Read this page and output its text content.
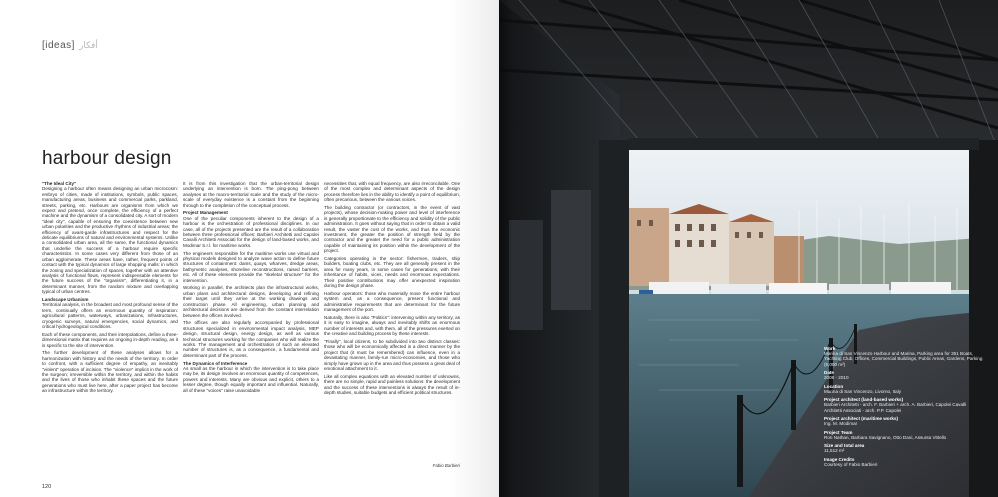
[ideas] أفكار
harbour design
"The Ideal City"

Designing a harbour often means designing an urban microcosm: embryo of cities, made of institutions, symbols, public spaces, manufacturing areas, business and commercial parks, parkland, streets, parking, etc. Harbours are organisms from which we expect and pretend, once complete, the efficiency of a perfect machine and the dynamism of a consolidated city. A sort of modern "ideal city", capable of ensuring the coexistence between new urban polarities and the productive rhythms of industrial areas; the efficiency of avant-garde infrastructures and respect for the delicate equilibriums of natural and environmental systems. Unlike a consolidated urban area, all the same, the functional dynamics that underlie the success of a harbour require specific characteristics. In some cases very different from those of an urban agglomerate. These areas have, rather, frequent points of contact with the typical dynamics of large shopping malls: in which the zoning and specialization of spaces, together with an attentive analysis of functional flows, represent indispensable elements for the future success of the "organism", differentiating it, in a determinant manner, from the random mixture and overlapping typical of urban centres.

Landscape Urbanism

Territorial analysis, in the broadest and most profound sense of the term, continually offers an enormous quantity of inspiration: agricultural patterns, waterways, urbanizations, infrastructures, cryogenic surveys, natural emergencies, social dynamics, and critical hydrogeological conditions.

Each of these components, and their interpolations, define a three-dimensional matrix that requires an ongoing in-depth reading, as it is specific to the site of intervention.

The further development of these analyses allows for a harmonization with history and the needs of the territory. In order to confront, with a sufficient degree of empathy, an inevitably "violent" operation of incision. The "violence" implicit in the work of the surgeon; irreversible within the territory, and within the habits and the lives of those who inhabit these spaces and the future generations who must live here, after a paper project has become an infrastructure within the territory.

It is from this investigation that the urban-territorial design underlying an intervention is born. The ping-pong between analyses at the macro-territorial scale and the study of the micro-scale of everyday existence is a constant from the beginning through to the completion of the conceptual process.

Project Management

One of the peculiar components inherent to the design of a harbour is the orchestration of professional disciplines. In our case, all of the projects presented are the result of a collaboration between three professional offices: Barbieri Architetti and Capolei Cavalli Architetti Associati for the design of land-based works, and Modimar S.r.l. for maritime works.

The engineers responsible for the maritime works use virtual and physical models designed to analyze wave action to define future structures of containment: dams, quays, wharves, dredge areas, bathymetric analyses, shoreline reconstructions, raised barriers, etc. All of these elements provide the "skeletal structure" for the intervention.

Working in parallel, the architects plan the infrastructural works, urban plans and architectural designs, developing and refining their target until they arrive at the working drawings and construction phase. All engineering, urban planning and architectural decisions are derived from the constant interrelation between the offices involved.

The offices are also regularly accompanied by professional structures specialized in environmental impact analysis, MEP design, structural design, energy design, as well as various technical structures working for the companies who will realize the works. The management and orchestration of such an elevated number of structures is, as a consequence, a fundamental and determinant part of the process.

The Dynamics of Interference

As small as the harbour in which the intervention is to take place may be, its design involves an enormous quantity of competences, powers and interests. Many are obvious and explicit, others to a lesser degree, though equally important and influential. Naturally, all of these "voices" raise unavoidable

necessities that, with equal frequency, are also irreconcilable. One of the most complex and determinant aspects of the design process therefore lies in the ability to identify a point of equilibrium, often precarious, between the various voices.

The building contractor (or contractors, in the event of vast projects), whose decision-making power and level of interference is generally proportionate to the efficiency and solidity of the public administration. It goes without saying that in order to obtain a valid result, the vaster the cost of the works, and thus the economic investment, the greater the position of strength held by the contractor and the greater the need for a public administration capable of maintaining its position within the development of the project.

Categories operating in the sector: fishermen, traders, ship builders, boating clubs, etc. They are all generally present in the area for many years, in some cases for generations, with their inheritance of habits, vices, needs and enormous expectations. Their positive contributions may offer unexpected inspiration during the design phase.

Harbour operators: those who materially move the entire harbour system and, as a consequence, present functional and administrative requirements that are determinant for the future management of the port.

Naturally, there is also "Politics": intervening within any territory, as it is easy to imagine, always and inevitably shifts an enormous number of interests and, with them, all of the pressures exerted on the creative and building process by these interests.

"Finally", local citizens, to be subdivided into two distinct classes: those who will be economically affected in a direct manner by the project that (it must be remembered) can influence, even in a devastating manner, family-run micro-economies, and those who simply have grown up in the area and thus possess a great deal of emotional attachment to it.

Like all complex equations with an elevated number of unknowns, there are no simple, rapid and painless solutions: the development and the success of these interventions is always the result of in-depth studies, suitable budgets and efficient political structures.

Fabio Barbieri
120
Work
Marina di San Vincenzo Harbour and Marina, Parking area for 351 Boats, Yachting Club, Offices, Commercial Buildings, Public Areas, Gardens, Parking (5,000 m²)
Date
2008 - 2010
Location
Marina di San Vincenzo, Livorno, Italy
Project architect (land-based works)
Barbieri Architetti - arch. F. Barbieri + arch. A. Barbieri, Capolei Cavalli Architetti Associati - arch. P.P. Capolei
Project architect (maritime works)
Ing. M. Modimar
Project Team
Ron Nathan, Barbara Savignano, Otto Dani, Assunta Vittello
Size and total area
11,512 m²
Image Credits
Courtesy of Fabio Barbieri
